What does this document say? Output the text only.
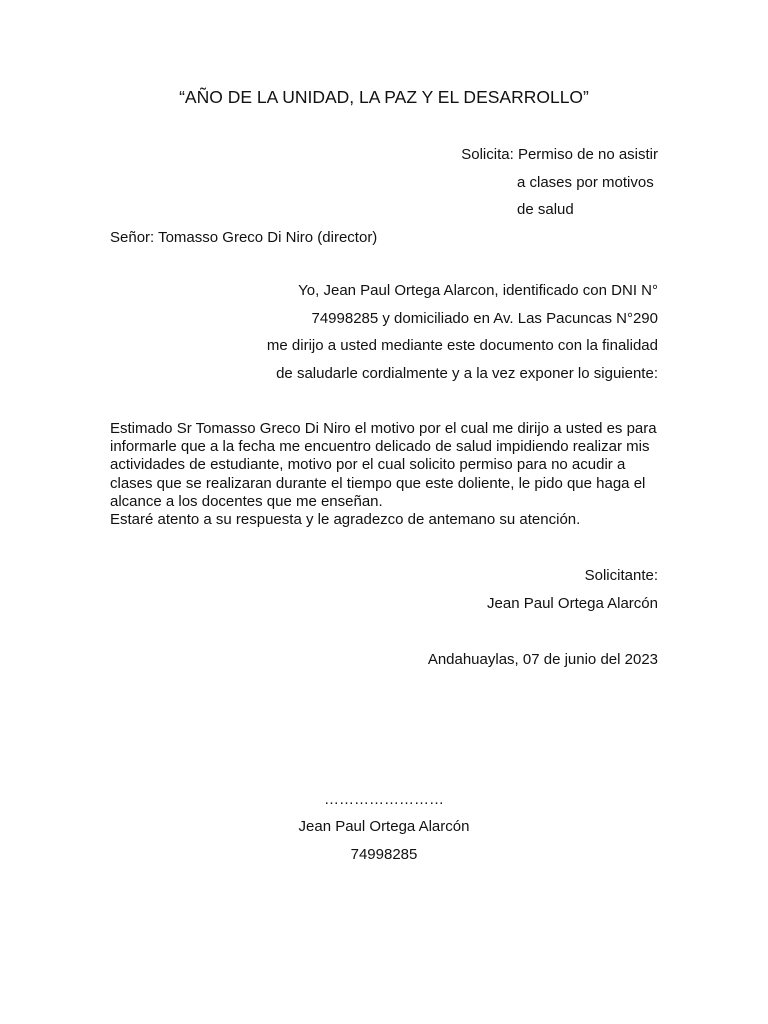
“AÑO DE LA UNIDAD, LA PAZ Y EL DESARROLLO”
Solicita: Permiso de no asistir
a clases por motivos
de salud
Señor: Tomasso Greco Di Niro (director)
Yo, Jean Paul Ortega Alarcon, identificado con DNI N°
74998285 y domiciliado en Av. Las Pacuncas N°290
me dirijo a usted mediante este documento con la finalidad
de saludarle cordialmente y a la vez exponer lo siguiente:

Estimado Sr Tomasso Greco Di Niro el motivo por el cual me dirijo a usted es para informarle que a la fecha me encuentro delicado de salud impidiendo realizar mis actividades de estudiante, motivo por el cual solicito permiso para no acudir a clases que se realizaran durante el tiempo que este doliente, le pido que haga el alcance a los docentes que me enseñan.

Estaré atento a su respuesta y le agradezco de antemano su atención.

Solicitante:
Jean Paul Ortega Alarcón
Andahuaylas, 07 de junio del 2023
……………………
Jean Paul Ortega Alarcón
74998285
